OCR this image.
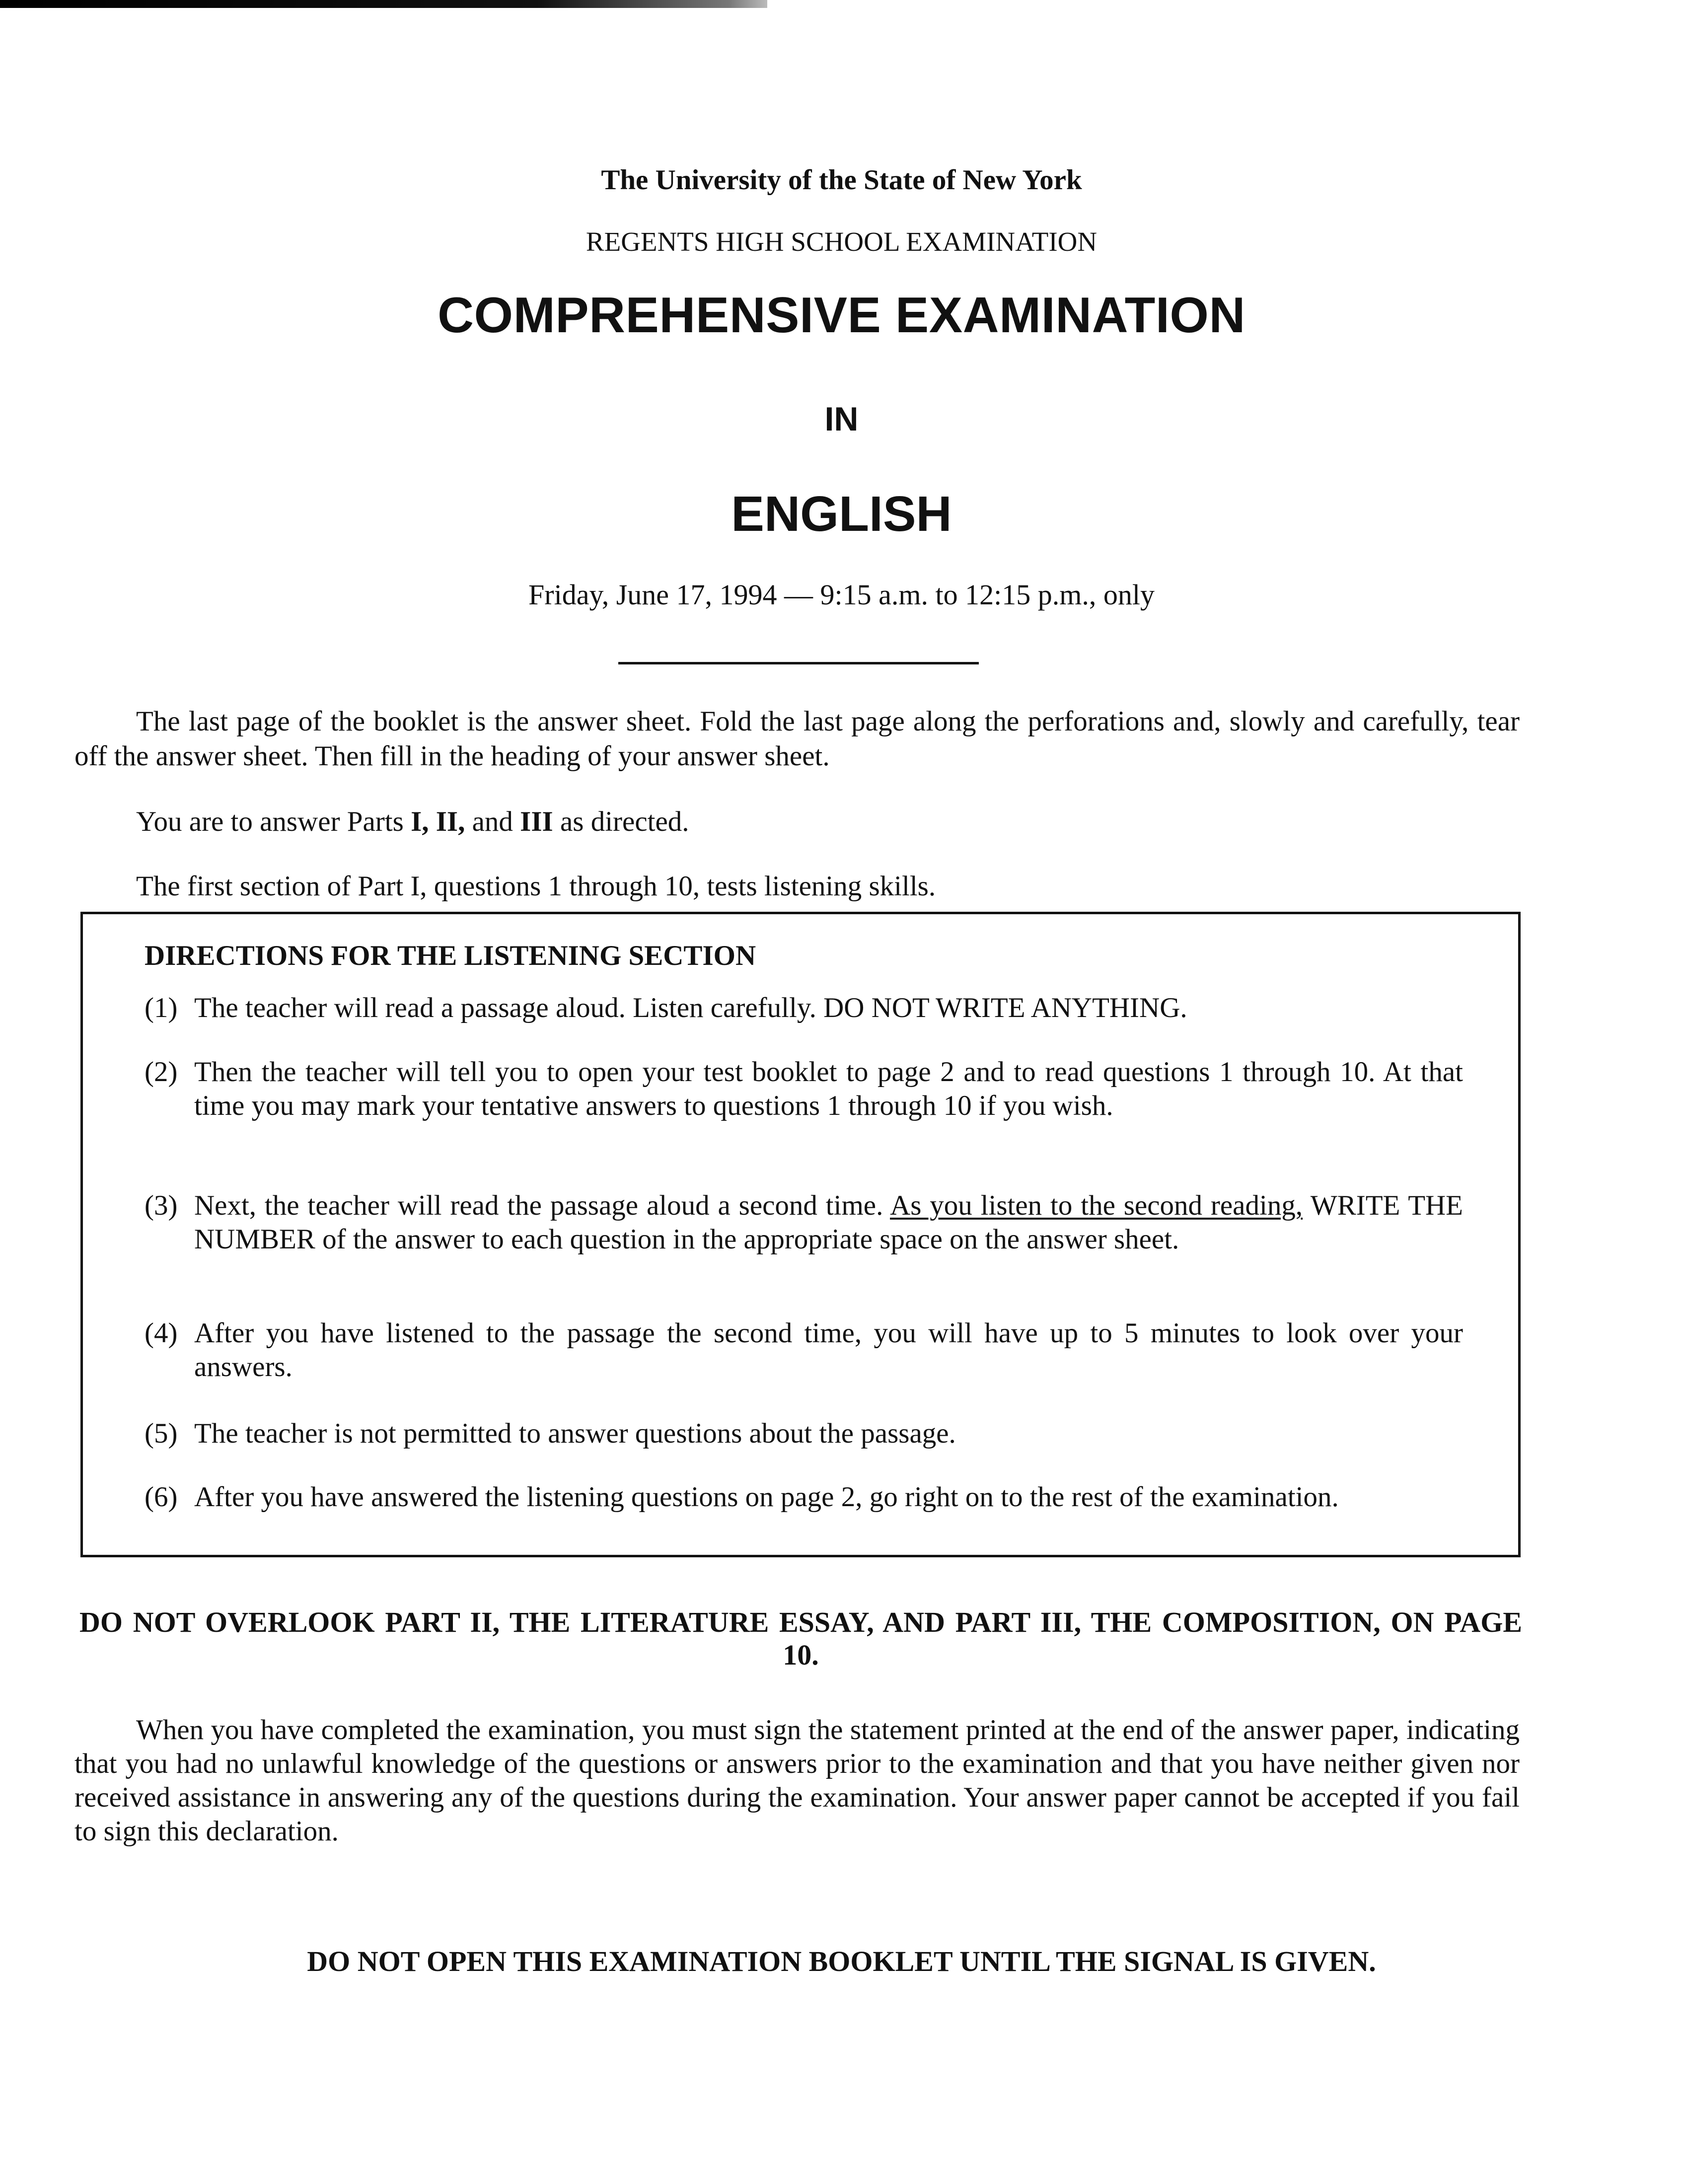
The University of the State of New York
REGENTS HIGH SCHOOL EXAMINATION
COMPREHENSIVE EXAMINATION
IN
ENGLISH
Friday, June 17, 1994 — 9:15 a.m. to 12:15 p.m., only
The last page of the booklet is the answer sheet. Fold the last page along the perforations and, slowly and carefully, tear off the answer sheet. Then fill in the heading of your answer sheet.
You are to answer Parts I, II, and III as directed.
The first section of Part I, questions 1 through 10, tests listening skills.
DIRECTIONS FOR THE LISTENING SECTION
(1) The teacher will read a passage aloud. Listen carefully. DO NOT WRITE ANYTHING.
(2) Then the teacher will tell you to open your test booklet to page 2 and to read questions 1 through 10. At that time you may mark your tentative answers to questions 1 through 10 if you wish.
(3) Next, the teacher will read the passage aloud a second time. As you listen to the second reading, WRITE THE NUMBER of the answer to each question in the appropriate space on the answer sheet.
(4) After you have listened to the passage the second time, you will have up to 5 minutes to look over your answers.
(5) The teacher is not permitted to answer questions about the passage.
(6) After you have answered the listening questions on page 2, go right on to the rest of the examination.
DO NOT OVERLOOK PART II, THE LITERATURE ESSAY, AND PART III, THE COMPOSITION, ON PAGE 10.
When you have completed the examination, you must sign the statement printed at the end of the answer paper, indicating that you had no unlawful knowledge of the questions or answers prior to the examination and that you have neither given nor received assistance in answering any of the questions during the examination. Your answer paper cannot be accepted if you fail to sign this declaration.
DO NOT OPEN THIS EXAMINATION BOOKLET UNTIL THE SIGNAL IS GIVEN.
